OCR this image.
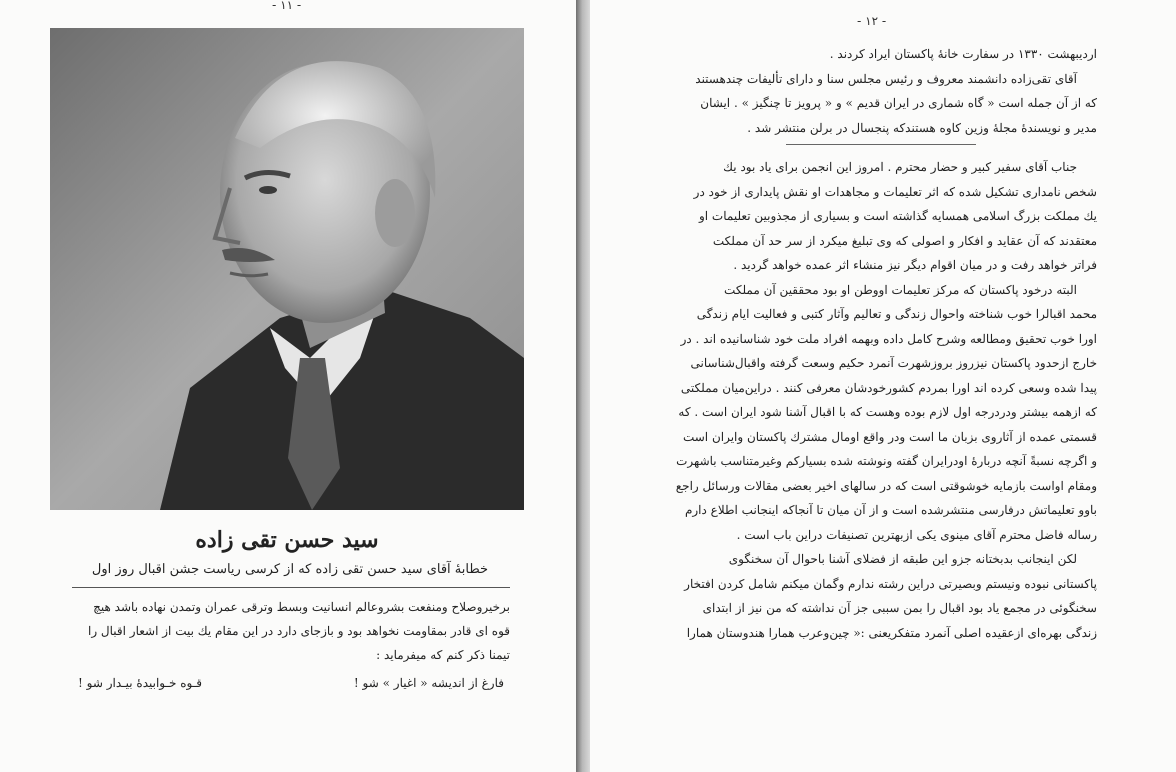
- ١١ -
سید حسن تقی زاده
خطابهٔ آقای سید حسن تقی زاده که از کرسی ریاست جشن اقبال روز اول

برخیروصلاح ومنفعت بشروعالم انسانیت وبسط وترقی عمران وتمدن نهاده باشد هیچ

قوه ای قادر بمقاومت نخواهد بود و بازجای دارد در این مقام یك بیت از اشعار اقبال را

تیمنا ذکر کنم که میفرماید :

فارغ از اندیشه « اغیار » شو !
قـوه خـوابیدهٔ بیـدار شو !
- ١٢ -

اردیبهشت ۱۳۳۰ در سفارت خانهٔ پاکستان ایراد کردند .

آقای تقی‌زاده دانشمند معروف و رئیس مجلس سنا و دارای تألیفات چندهستند

که از آن جمله است « گاه شماری در ایران قدیم » و « پرویز تا چنگیز » . ایشان

مدیر و نویسندهٔ مجلهٔ وزین کاوه هستندکه پنجسال در برلن منتشر شد .

جناب آقای سفیر کبیر و حضار محترم . امروز این انجمن برای یاد بود یك

شخص نامداری تشکیل شده که اثر تعلیمات و مجاهدات او نقش پایداری از خود در

یك مملکت بزرگ اسلامی همسایه گذاشته است و بسیاری از مجذوبین تعلیمات او

معتقدند که آن عقاید و افکار و اصولی که وی تبلیغ میکرد از سر حد آن مملکت

فراتر خواهد رفت و در میان اقوام دیگر نیز منشاء اثر عمده خواهد گردید .

البته درخود پاکستان که مرکز تعلیمات اووطن او بود محققین آن مملکت

محمد اقبالرا خوب شناخته واحوال زندگی و تعالیم وآثار کتبی و فعالیت ایام زندگی

اورا خوب تحقیق ومطالعه وشرح کامل داده وبهمه افراد ملت خود شناسانیده اند . در

خارج ازحدود پاکستان نیزروز بروزشهرت آنمرد حکیم وسعت گرفته واقبال‌شناسانی

پیدا شده وسعی کرده اند اورا بمردم کشورخودشان معرفی کنند . دراین‌میان مملکتی

که ازهمه بیشتر ودردرجه اول لازم بوده وهست که با اقبال آشنا شود ایران است . که

قسمتی عمده از آثاروی بزبان ما است ودر واقع اومال مشترك پاکستان وایران است

و اگرچه نسبةً آنچه دربارهٔ اودرایران گفته ونوشته شده بسیارکم وغیرمتناسب باشهرت

ومقام اواست بازمایه خوشوقتی است که در سالهای اخیر بعضی مقالات ورسائل راجع

باوو تعلیماتش درفارسی منتشرشده است و از آن میان تا آنجاکه اینجانب اطلاع دارم

رساله فاضل محترم آقای مینوی یکی ازبهترین تصنیفات دراین باب است .

لکن اینجانب بدبختانه جزو این طبقه از فضلای آشنا باحوال آن سخنگوی

پاکستانی نبوده ونیستم وبصیرتی دراین رشته ندارم وگمان میکنم شامل کردن افتخار

سخنگوئی در مجمع یاد بود اقبال را بمن سببی جز آن نداشته که من نیز از ابتدای

زندگی بهره‌ای ازعقیده اصلی آنمرد متفکریعنی :« چین‌وعرب همارا هندوستان همارا
